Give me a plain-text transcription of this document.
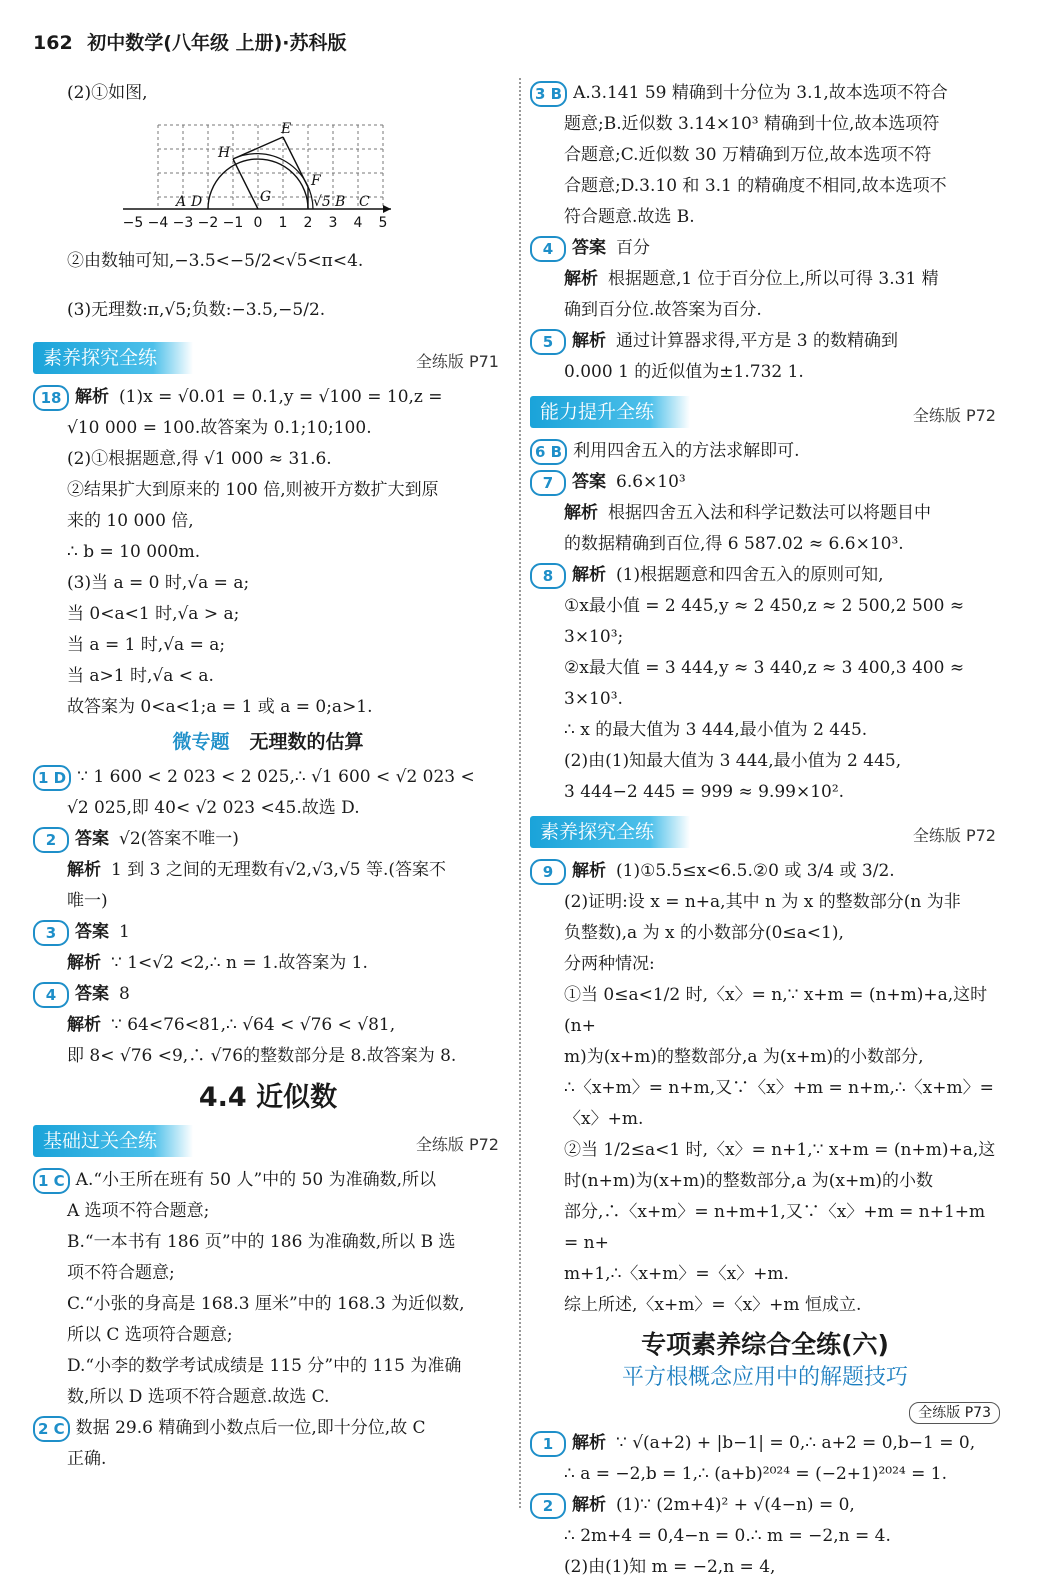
162 初中数学(八年级 上册)·苏科版

(2)①如图,

E
H
F
G
A D	√5 B C
−5 −4 −3 −2 −1 0 1 2 3 4 5

②由数轴可知,−3.5<−5/2<√5<π<4.

(3)无理数:π,√5;负数:−3.5,−5/2.

素养探究全练	全练版 P71

18 解析 (1)x = √0.01 = 0.1,y = √100 = 10,z =

√10 000 = 100.故答案为 0.1;10;100.

(2)①根据题意,得 √1 000 ≈ 31.6.

②结果扩大到原来的 100 倍,则被开方数扩大到原

来的 10 000 倍,

∴ b = 10 000m.

(3)当 a = 0 时,√a = a;

当 0<a<1 时,√a > a;

当 a = 1 时,√a = a;

当 a>1 时,√a < a.

故答案为 0<a<1;a = 1 或 a = 0;a>1.

微专题 无理数的估算

1 D ∵ 1 600 < 2 023 < 2 025,∴ √1 600 < √2 023 <

√2 025,即 40< √2 023 <45.故选 D.

2 答案 √2(答案不唯一)

解析 1 到 3 之间的无理数有√2,√3,√5 等.(答案不

唯一)

3 答案 1

解析 ∵ 1<√2 <2,∴ n = 1.故答案为 1.

4 答案 8

解析 ∵ 64<76<81,∴ √64 < √76 < √81,

即 8< √76 <9,∴ √76的整数部分是 8.故答案为 8.

4.4 近似数
基础过关全练	全练版 P72

1 C A.“小王所在班有 50 人”中的 50 为准确数,所以

A 选项不符合题意;

B.“一本书有 186 页”中的 186 为准确数,所以 B 选

项不符合题意;

C.“小张的身高是 168.3 厘米”中的 168.3 为近似数,

所以 C 选项符合题意;

D.“小李的数学考试成绩是 115 分”中的 115 为准确

数,所以 D 选项不符合题意.故选 C.

2 C 数据 29.6 精确到小数点后一位,即十分位,故 C

正确.

3 B A.3.141 59 精确到十分位为 3.1,故本选项不符合

题意;B.近似数 3.14×10³ 精确到十位,故本选项符

合题意;C.近似数 30 万精确到万位,故本选项不符

合题意;D.3.10 和 3.1 的精确度不相同,故本选项不

符合题意.故选 B.

4 答案 百分

解析 根据题意,1 位于百分位上,所以可得 3.31 精

确到百分位.故答案为百分.

5 解析 通过计算器求得,平方是 3 的数精确到

0.000 1 的近似值为±1.732 1.

能力提升全练	全练版 P72

6 B 利用四舍五入的方法求解即可.

7 答案 6.6×10³

解析 根据四舍五入法和科学记数法可以将题目中

的数据精确到百位,得 6 587.02 ≈ 6.6×10³.

8 解析 (1)根据题意和四舍五入的原则可知,

①x最小值 = 2 445,y ≈ 2 450,z ≈ 2 500,2 500 ≈ 3×10³;

②x最大值 = 3 444,y ≈ 3 440,z ≈ 3 400,3 400 ≈ 3×10³.

∴ x 的最大值为 3 444,最小值为 2 445.

(2)由(1)知最大值为 3 444,最小值为 2 445,

3 444−2 445 = 999 ≈ 9.99×10².

素养探究全练	全练版 P72

9 解析 (1)①5.5≤x<6.5.②0 或 3/4 或 3/2.

(2)证明:设 x = n+a,其中 n 为 x 的整数部分(n 为非

负整数),a 为 x 的小数部分(0≤a<1),

分两种情况:

①当 0≤a<1/2 时,〈x〉= n,∵ x+m = (n+m)+a,这时(n+

m)为(x+m)的整数部分,a 为(x+m)的小数部分,

∴〈x+m〉= n+m,又∵〈x〉+m = n+m,∴〈x+m〉=

〈x〉+m.

②当 1/2≤a<1 时,〈x〉= n+1,∵ x+m = (n+m)+a,这

时(n+m)为(x+m)的整数部分,a 为(x+m)的小数

部分,∴〈x+m〉= n+m+1,又∵〈x〉+m = n+1+m = n+

m+1,∴〈x+m〉=〈x〉+m.

综上所述,〈x+m〉=〈x〉+m 恒成立.

专项素养综合全练(六)
平方根概念应用中的解题技巧
全练版 P73

1 解析 ∵ √(a+2) + |b−1| = 0,∴ a+2 = 0,b−1 = 0,

∴ a = −2,b = 1,∴ (a+b)²⁰²⁴ = (−2+1)²⁰²⁴ = 1.

2 解析 (1)∵ (2m+4)² + √(4−n) = 0,

∴ 2m+4 = 0,4−n = 0.∴ m = −2,n = 4.

(2)由(1)知 m = −2,n = 4,
